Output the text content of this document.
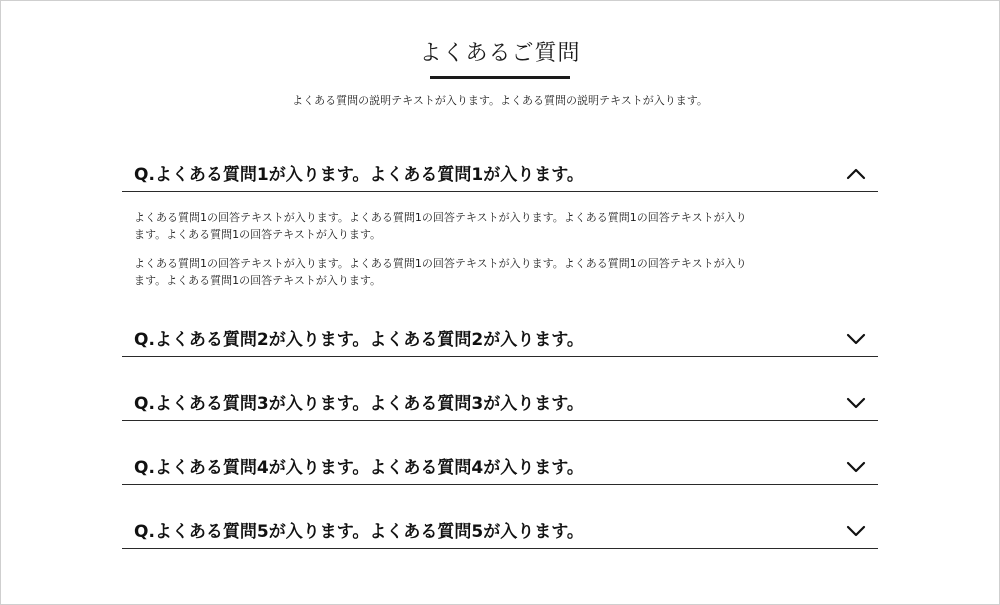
よくあるご質問
よくある質問の説明テキストが入ります。よくある質問の説明テキストが入ります。
Q.よくある質問1が入ります。よくある質問1が入ります。

よくある質問1の回答テキストが入ります。よくある質問1の回答テキストが入ります。よくある質問1の回答テキストが入ります。よくある質問1の回答テキストが入ります。

よくある質問1の回答テキストが入ります。よくある質問1の回答テキストが入ります。よくある質問1の回答テキストが入ります。よくある質問1の回答テキストが入ります。

Q.よくある質問2が入ります。よくある質問2が入ります。
Q.よくある質問3が入ります。よくある質問3が入ります。
Q.よくある質問4が入ります。よくある質問4が入ります。
Q.よくある質問5が入ります。よくある質問5が入ります。
